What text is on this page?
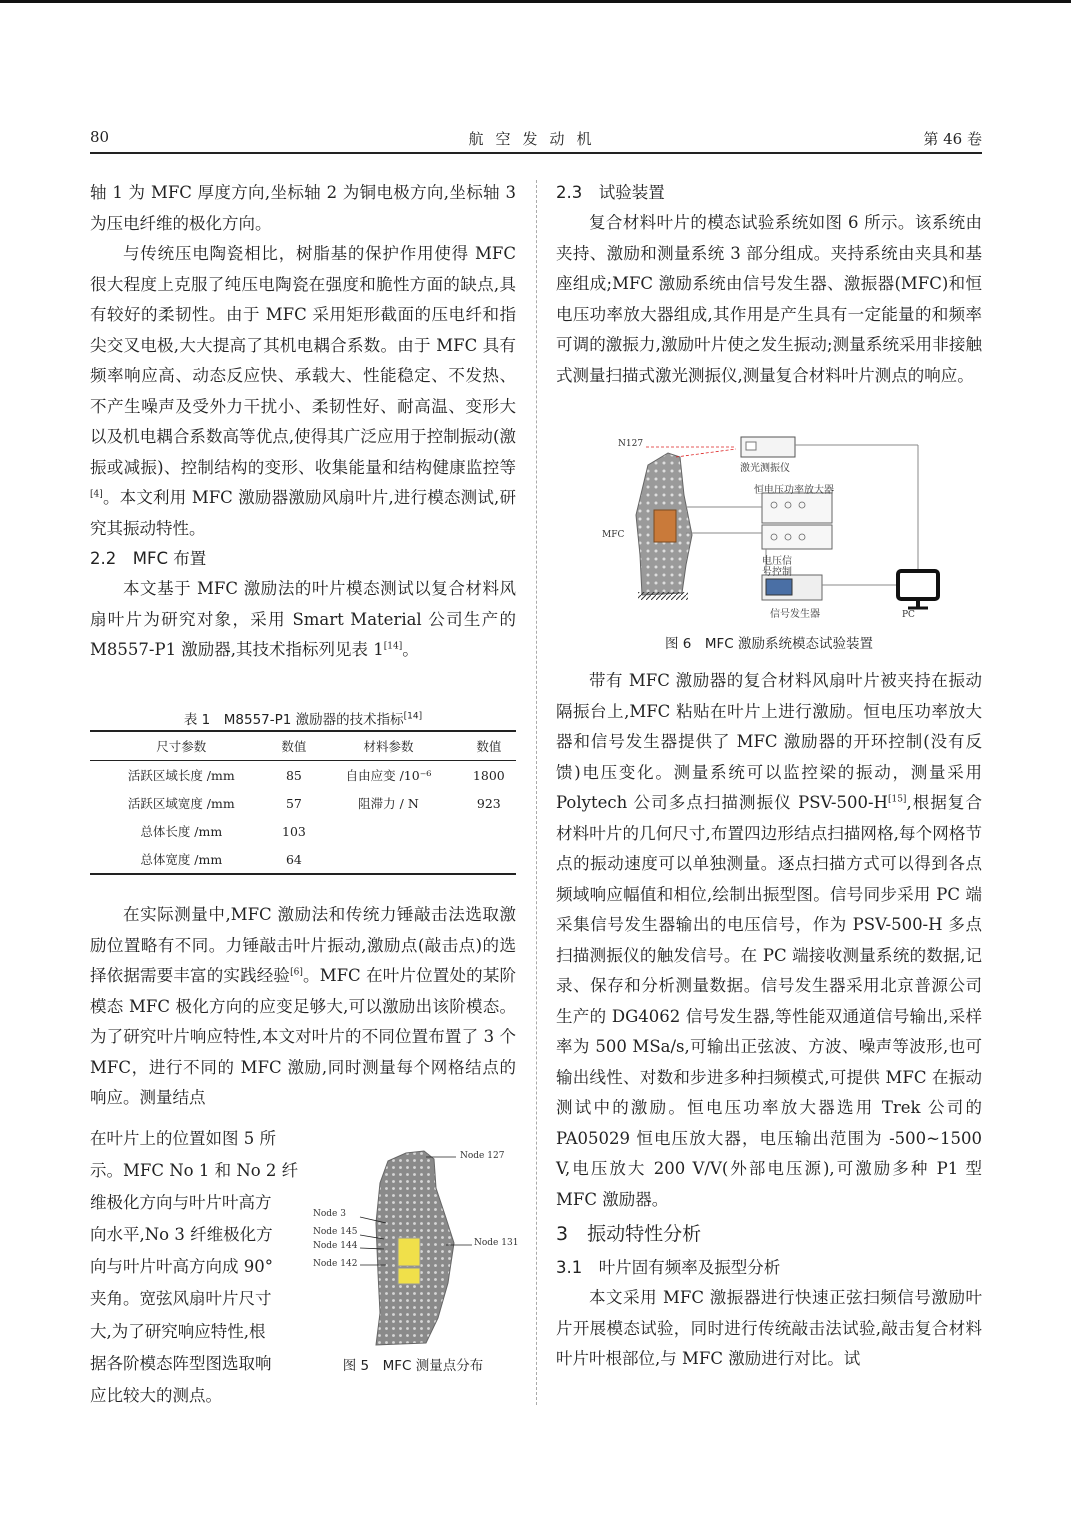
80	航空发动机	第 46 卷

轴 1 为 MFC 厚度方向,坐标轴 2 为铜电极方向,坐标轴 3 为压电纤维的极化方向。

与传统压电陶瓷相比，树脂基的保护作用使得 MFC 很大程度上克服了纯压电陶瓷在强度和脆性方面的缺点,具有较好的柔韧性。由于 MFC 采用矩形截面的压电纤和指尖交叉电极,大大提高了其机电耦合系数。由于 MFC 具有频率响应高、动态反应快、承载大、性能稳定、不发热、不产生噪声及受外力干扰小、柔韧性好、耐高温、变形大以及机电耦合系数高等优点,使得其广泛应用于控制振动(激振或减振)、控制结构的变形、收集能量和结构健康监控等[4]。本文利用 MFC 激励器激励风扇叶片,进行模态测试,研究其振动特性。

2.2　MFC 布置

本文基于 MFC 激励法的叶片模态测试以复合材料风扇叶片为研究对象，采用 Smart Material 公司生产的 M8557-P1 激励器,其技术指标列见表 1[14]。

表 1　M8557-P1 激励器的技术指标[14]
尺寸参数	数值	材料参数	数值
活跃区域长度 /mm	85	自由应变 /10⁻⁶	1800
活跃区域宽度 /mm	57	阻滞力 / N	923
总体长度 /mm	103		
总体宽度 /mm	64		

在实际测量中,MFC 激励法和传统力锤敲击法选取激励位置略有不同。力锤敲击叶片振动,激励点(敲击点)的选择依据需要丰富的实践经验[6]。MFC 在叶片位置处的某阶模态 MFC 极化方向的应变足够大,可以激励出该阶模态。为了研究叶片响应特性,本文对叶片的不同位置布置了 3 个 MFC，进行不同的 MFC 激励,同时测量每个网格结点的响应。测量结点

在叶片上的位置如图 5 所

示。MFC No 1 和 No 2 纤

维极化方向与叶片叶高方

向水平,No 3 纤维极化方

向与叶片叶高方向成 90°

夹角。宽弦风扇叶片尺寸

大,为了研究响应特性,根

据各阶模态阵型图选取响

应比较大的测点。

Node 127
Node 3
Node 145
Node 144
Node 142
Node 131
图 5　MFC 测量点分布

2.3　试验装置

复合材料叶片的模态试验系统如图 6 所示。该系统由夹持、激励和测量系统 3 部分组成。夹持系统由夹具和基座组成;MFC 激励系统由信号发生器、激振器(MFC)和恒电压功率放大器组成,其作用是产生具有一定能量的和频率可调的激振力,激励叶片使之发生振动;测量系统采用非接触式测量扫描式激光测振仪,测量复合材料叶片测点的响应。

N127
激光测振仪
恒电压功率放大器
MFC
电压信
号控制
信号发生器	PC
图 6　MFC 激励系统模态试验装置

带有 MFC 激励器的复合材料风扇叶片被夹持在振动隔振台上,MFC 粘贴在叶片上进行激励。恒电压功率放大器和信号发生器提供了 MFC 激励器的开环控制(没有反馈)电压变化。测量系统可以监控梁的振动，测量采用 Polytech 公司多点扫描测振仪 PSV-500-H[15],根据复合材料叶片的几何尺寸,布置四边形结点扫描网格,每个网格节点的振动速度可以单独测量。逐点扫描方式可以得到各点频域响应幅值和相位,绘制出振型图。信号同步采用 PC 端采集信号发生器输出的电压信号，作为 PSV-500-H 多点扫描测振仪的触发信号。在 PC 端接收测量系统的数据,记录、保存和分析测量数据。信号发生器采用北京普源公司生产的 DG4062 信号发生器,等性能双通道信号输出,采样率为 500 MSa/s,可输出正弦波、方波、噪声等波形,也可输出线性、对数和步进多种扫频模式,可提供 MFC 在振动测试中的激励。恒电压功率放大器选用 Trek 公司的 PA05029 恒电压放大器，电压输出范围为 -500~1500 V,电压放大 200 V/V(外部电压源),可激励多种 P1 型 MFC 激励器。

3　振动特性分析

3.1　叶片固有频率及振型分析

本文采用 MFC 激振器进行快速正弦扫频信号激励叶片开展模态试验，同时进行传统敲击法试验,敲击复合材料叶片叶根部位,与 MFC 激励进行对比。试
